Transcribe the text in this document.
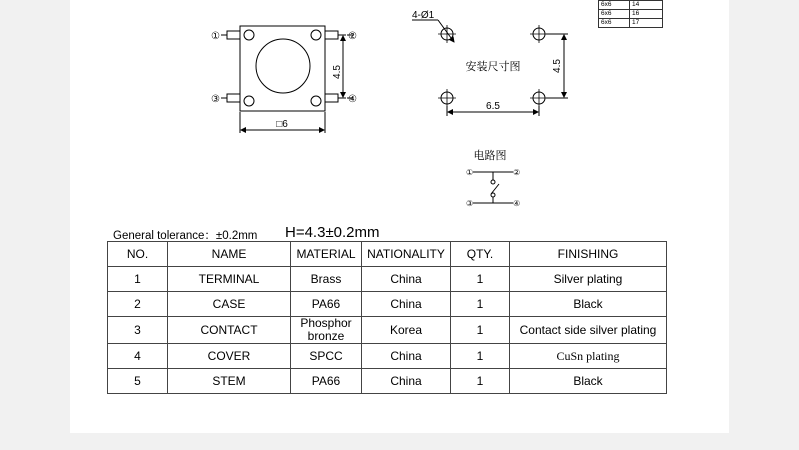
①	②
③	④
4.5
□6
4-Ø1
安装尺寸图	4.5
6.5
电路图
①	②
③	④
6x6	14
6x6	16
6x6	17
General tolerance：±0.2mm H=4.3±0.2mm
NO.	NAME	MATERIAL	NATIONALITY	QTY.	FINISHING
1	TERMINAL	Brass	China	1	Silver plating
2	CASE	PA66	China	1	Black
3	CONTACT	Phosphor bronze	Korea	1	Contact side silver plating
4	COVER	SPCC	China	1	CuSn plating
5	STEM	PA66	China	1	Black
